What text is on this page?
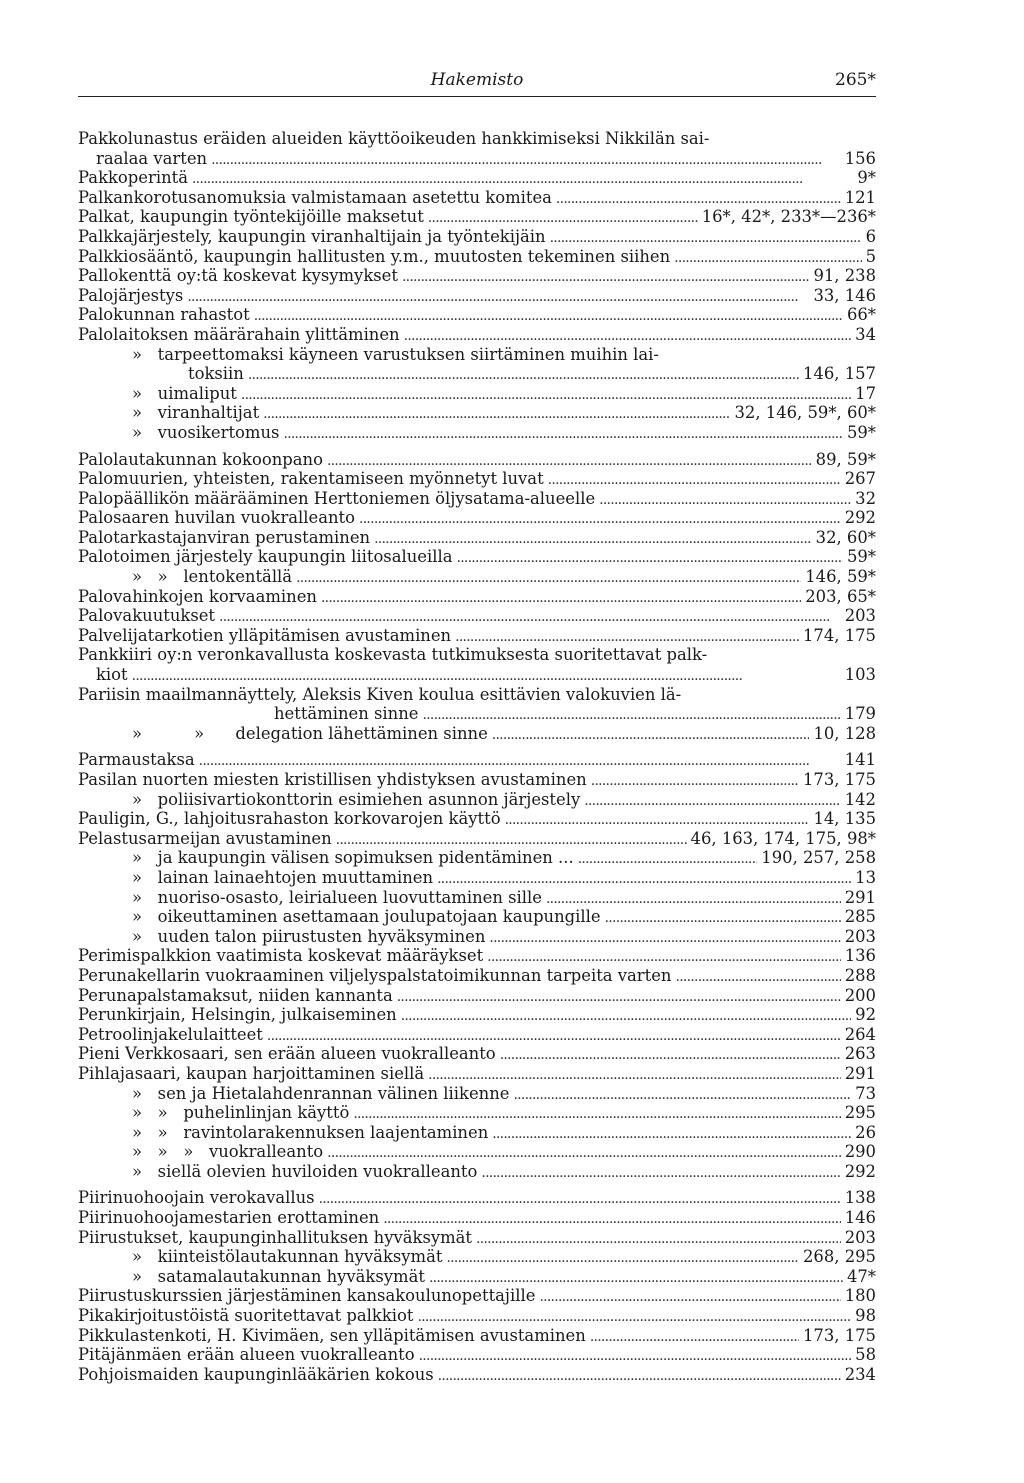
Hakemisto	265*
Pakkolunastus eräiden alueiden käyttöoikeuden hankkimiseksi Nikkilän sai-
raalaa varten . . .	156
Pakkoperintä . . .	9*
Palkankorotusanomuksia valmistamaan asetettu komitea . . .	121
Palkat, kaupungin työntekijöille maksetut . . .	16*, 42*, 233*—236*
Palkkajärjestely, kaupungin viranhaltijain ja työntekijäin . . .	6
Palkkiosääntö, kaupungin hallitusten y.m., muutosten tekeminen siihen . . .	5
Pallokenttä oy:tä koskevat kysymykset . . .	91, 238
Palojärjestys . . .	33, 146
Palokunnan rahastot . . .	66*
Palolaitoksen määrärahain ylittäminen . . .	34
»   tarpeettomaksi käyneen varustuksen siirtäminen muihin lai-
toksiin . . .	146, 157
»   uimaliput . . .	17
»   viranhaltijat . . .	32, 146, 59*, 60*
»   vuosikertomus . . .	59*
Palolautakunnan kokoonpano . . .	89, 59*
Palomuurien, yhteisten, rakentamiseen myönnetyt luvat . . .	267
Palopäällikön määrääminen Herttoniemen öljysatama-alueelle . . .	32
Palosaaren huvilan vuokralleanto . . .	292
Palotarkastajanviran perustaminen . . .	32, 60*
Palotoimen järjestely kaupungin liitosalueilla . . .	59*
»   »   lentokentällä . . .	146, 59*
Palovahinkojen korvaaminen . . .	203, 65*
Palovakuutukset . . .	203
Palvelijatarkotien ylläpitämisen avustaminen . . .	174, 175
Pankkiiri oy:n veronkavallusta koskevasta tutkimuksesta suoritettavat palk-
kiot . . .	103
Pariisin maailmannäyttely, Aleksis Kiven koulua esittävien valokuvien lä-
hettäminen sinne . . .	179
»          »      delegation lähettäminen sinne . . .	10, 128
Parmaustaksa . . .	141
Pasilan nuorten miesten kristillisen yhdistyksen avustaminen . . .	173, 175
»   poliisivartiokonttorin esimiehen asunnon järjestely . . .	142
Pauligin, G., lahjoitusrahaston korkovarojen käyttö . . .	14, 135
Pelastusarmeijan avustaminen . . .	46, 163, 174, 175, 98*
»   ja kaupungin välisen sopimuksen pidentäminen ... . . .	190, 257, 258
»   lainan lainaehtojen muuttaminen . . .	13
»   nuoriso-osasto, leirialueen luovuttaminen sille . . .	291
»   oikeuttaminen asettamaan joulupatojaan kaupungille . . .	285
»   uuden talon piirustusten hyväksyminen . . .	203
Perimispalkkion vaatimista koskevat määräykset . . .	136
Perunakellarin vuokraaminen viljelyspalstatoimikunnan tarpeita varten . . .	288
Perunapalstamaksut, niiden kannanta . . .	200
Perunkirjain, Helsingin, julkaiseminen . . .	92
Petroolinjakelulaitteet . . .	264
Pieni Verkkosaari, sen erään alueen vuokralleanto . . .	263
Pihlajasaari, kaupan harjoittaminen siellä . . .	291
»   sen ja Hietalahdenrannan välinen liikenne . . .	73
»   »   puhelinlinjan käyttö . . .	295
»   »   ravintolarakennuksen laajentaminen . . .	26
»   »   »   vuokralleanto . . .	290
»   siellä olevien huviloiden vuokralleanto . . .	292
Piirinuohoojain verokavallus . . .	138
Piirinuohoojamestarien erottaminen . . .	146
Piirustukset, kaupunginhallituksen hyväksymät . . .	203
»   kiinteistölautakunnan hyväksymät . . .	268, 295
»   satamalautakunnan hyväksymät . . .	47*
Piirustuskurssien järjestäminen kansakoulunopettajille . . .	180
Pikakirjoitustöistä suoritettavat palkkiot . . .	98
Pikkulastenkoti, H. Kivimäen, sen ylläpitämisen avustaminen . . .	173, 175
Pitäjänmäen erään alueen vuokralleanto . . .	58
Pohjoismaiden kaupunginlääkärien kokous . . .	234
